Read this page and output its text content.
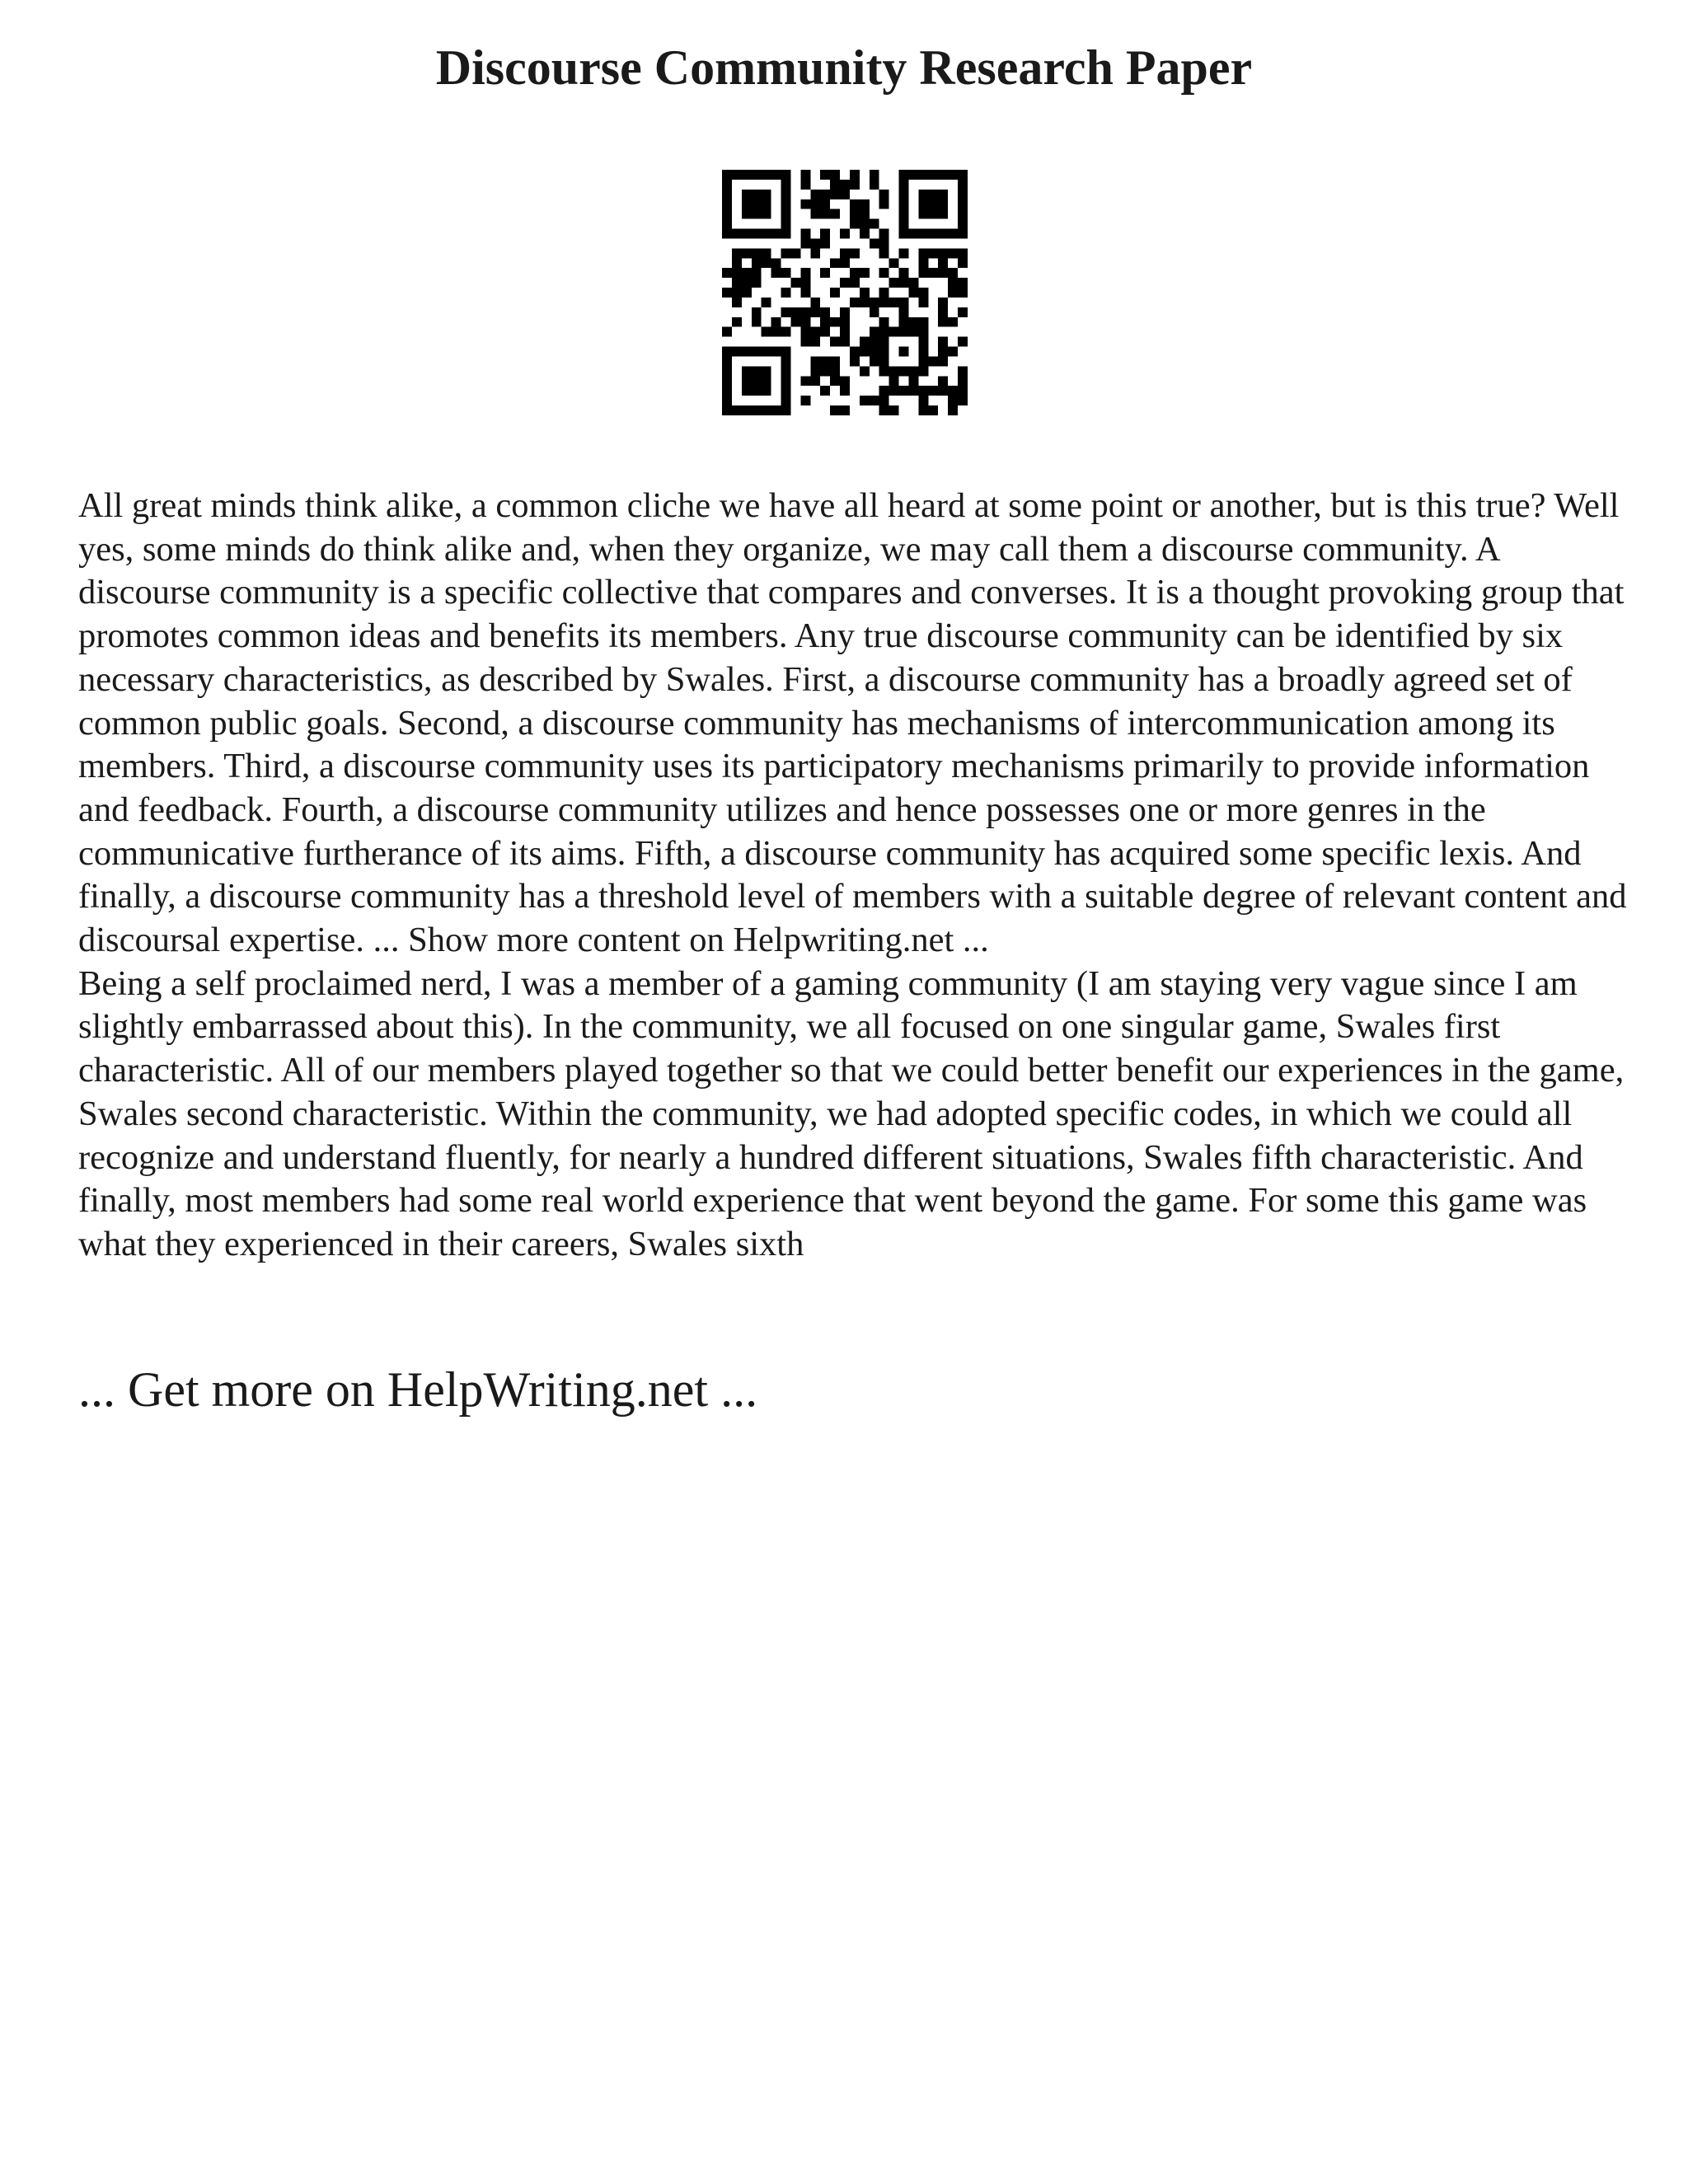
Discourse Community Research Paper

All great minds think alike, a common cliche we have all heard at some point or another, but is this true? Well yes, some minds do think alike and, when they organize, we may call them a discourse community. A discourse community is a specific collective that compares and converses. It is a thought provoking group that promotes common ideas and benefits its members. Any true discourse community can be identified by six necessary characteristics, as described by Swales. First, a discourse community has a broadly agreed set of common public goals. Second, a discourse community has mechanisms of intercommunication among its members. Third, a discourse community uses its participatory mechanisms primarily to provide information and feedback. Fourth, a discourse community utilizes and hence possesses one or more genres in the communicative furtherance of its aims. Fifth, a discourse community has acquired some specific lexis. And finally, a discourse community has a threshold level of members with a suitable degree of relevant content and discoursal expertise. ... Show more content on Helpwriting.net ...

Being a self proclaimed nerd, I was a member of a gaming community (I am staying very vague since I am slightly embarrassed about this). In the community, we all focused on one singular game, Swales first characteristic. All of our members played together so that we could better benefit our experiences in the game, Swales second characteristic. Within the community, we had adopted specific codes, in which we could all recognize and understand fluently, for nearly a hundred different situations, Swales fifth characteristic. And finally, most members had some real world experience that went beyond the game. For some this game was what they experienced in their careers, Swales sixth

... Get more on HelpWriting.net ...
